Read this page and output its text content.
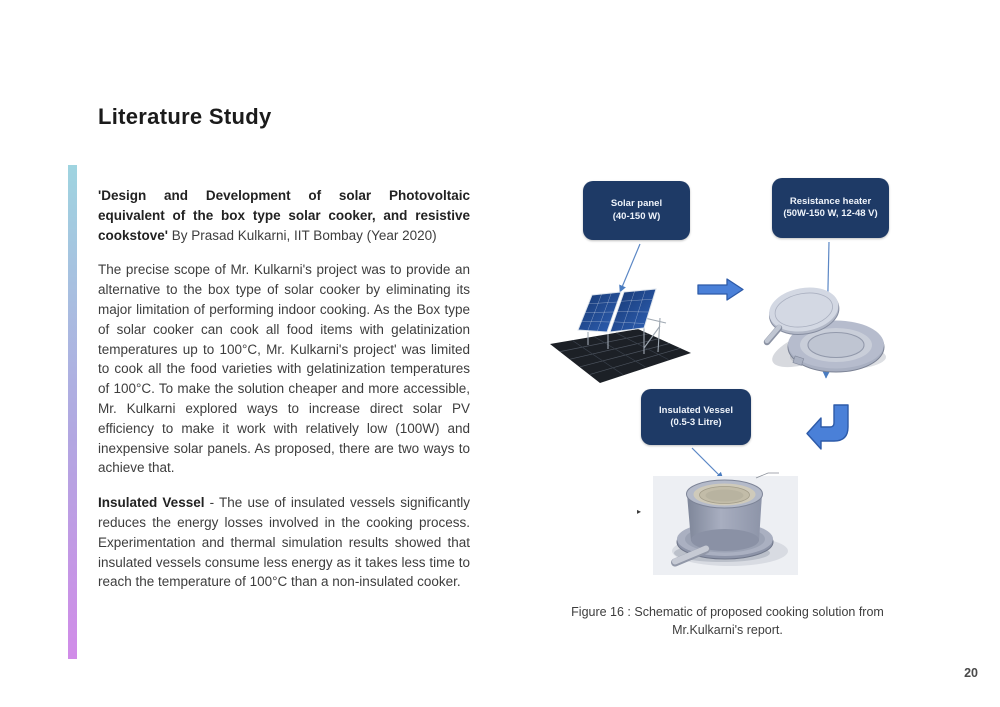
Literature Study

'Design and Development of solar Photovoltaic equivalent of the box type solar cooker, and resistive cookstove' By Prasad Kulkarni, IIT Bombay (Year 2020)

The precise scope of Mr. Kulkarni's project was to provide an alternative to the box type of solar cooker by eliminating its major limitation of performing indoor cooking. As the Box type of solar cooker can cook all food items with gelatinization temperatures up to 100°C, Mr. Kulkarni's project' was limited to cook all the food varieties with gelatinization temperatures of 100°C. To make the solution cheaper and more accessible, Mr. Kulkarni explored ways to increase direct solar PV efficiency to make it work with relatively low (100W) and inexpensive solar panels. As proposed, there are two ways to achieve that.

Insulated Vessel - The use of insulated vessels significantly reduces the energy losses involved in the cooking process. Experimentation and thermal simulation results showed that insulated vessels consume less energy as it takes less time to reach the temperature of 100°C than a non-insulated cooker.

Solar panel
(40-150 W)
Resistance heater
(50W-150 W, 12-48 V)
Insulated Vessel
(0.5-3 Litre)
▸
Figure 16 : Schematic of proposed cooking solution from
Mr.Kulkarni's report.
20
